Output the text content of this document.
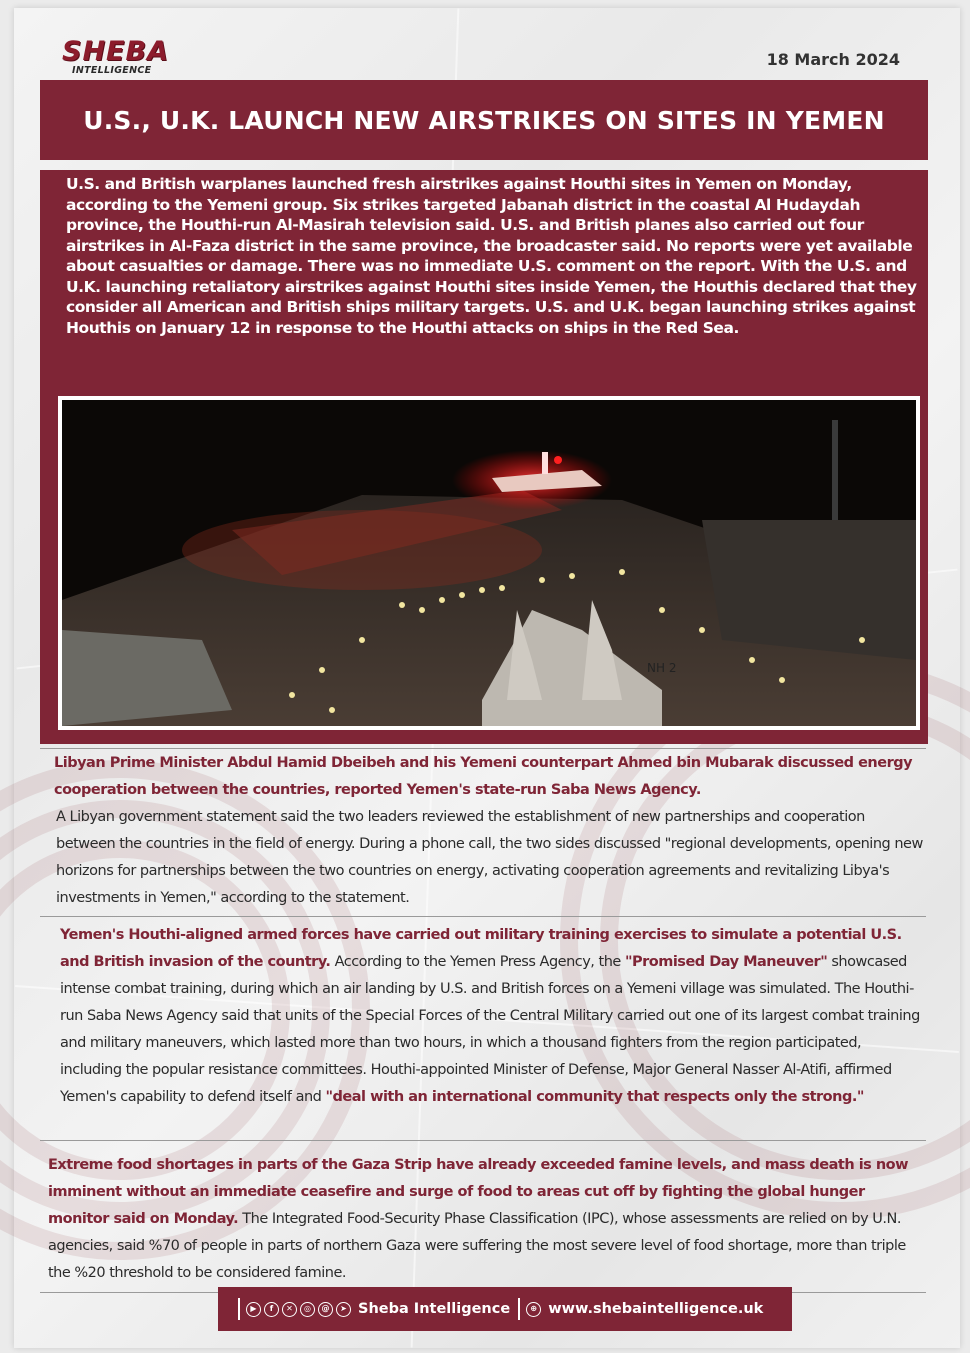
SHEBA
INTELLIGENCE
18 March 2024
U.S., U.K. LAUNCH NEW AIRSTRIKES ON SITES IN YEMEN
U.S. and British warplanes launched fresh airstrikes against Houthi sites in Yemen on Monday, according to the Yemeni group. Six strikes targeted Jabanah district in the coastal Al Hudaydah province, the Houthi-run Al-Masirah television said. U.S. and British planes also carried out four airstrikes in Al-Faza district in the same province, the broadcaster said. No reports were yet available about casualties or damage. There was no immediate U.S. comment on the report. With the U.S. and U.K. launching retaliatory airstrikes against Houthi sites inside Yemen, the Houthis declared that they consider all American and British ships military targets. U.S. and U.K. began launching strikes against Houthis on January 12 in response to the Houthi attacks on ships in the Red Sea.
NH 2

Libyan Prime Minister Abdul Hamid Dbeibeh and his Yemeni counterpart Ahmed bin Mubarak discussed energy cooperation between the countries, reported Yemen's state-run Saba News Agency.
A Libyan government statement said the two leaders reviewed the establishment of new partnerships and cooperation between the countries in the field of energy. During a phone call, the two sides discussed "regional developments, opening new horizons for partnerships between the two countries on energy, activating cooperation agreements and revitalizing Libya's investments in Yemen," according to the statement.

Yemen's Houthi-aligned armed forces have carried out military training exercises to simulate a potential U.S. and British invasion of the country. According to the Yemen Press Agency, the "Promised Day Maneuver" showcased intense combat training, during which an air landing by U.S. and British forces on a Yemeni village was simulated. The Houthi-run Saba News Agency said that units of the Special Forces of the Central Military carried out one of its largest combat training and military maneuvers, which lasted more than two hours, in which a thousand fighters from the region participated, including the popular resistance committees. Houthi-appointed Minister of Defense, Major General Nasser Al-Atifi, affirmed Yemen's capability to defend itself and "deal with an international community that respects only the strong."

Extreme food shortages in parts of the Gaza Strip have already exceeded famine levels, and mass death is now imminent without an immediate ceasefire and surge of food to areas cut off by fighting the global hunger monitor said on Monday. The Integrated Food-Security Phase Classification (IPC), whose assessments are relied on by U.N. agencies, said %70 of people in parts of northern Gaza were suffering the most severe level of food shortage, more than triple the %20 threshold to be considered famine.

▶	f	✕	◎	@	➤ Sheba Intelligence	⊕ www.shebaintelligence.uk
